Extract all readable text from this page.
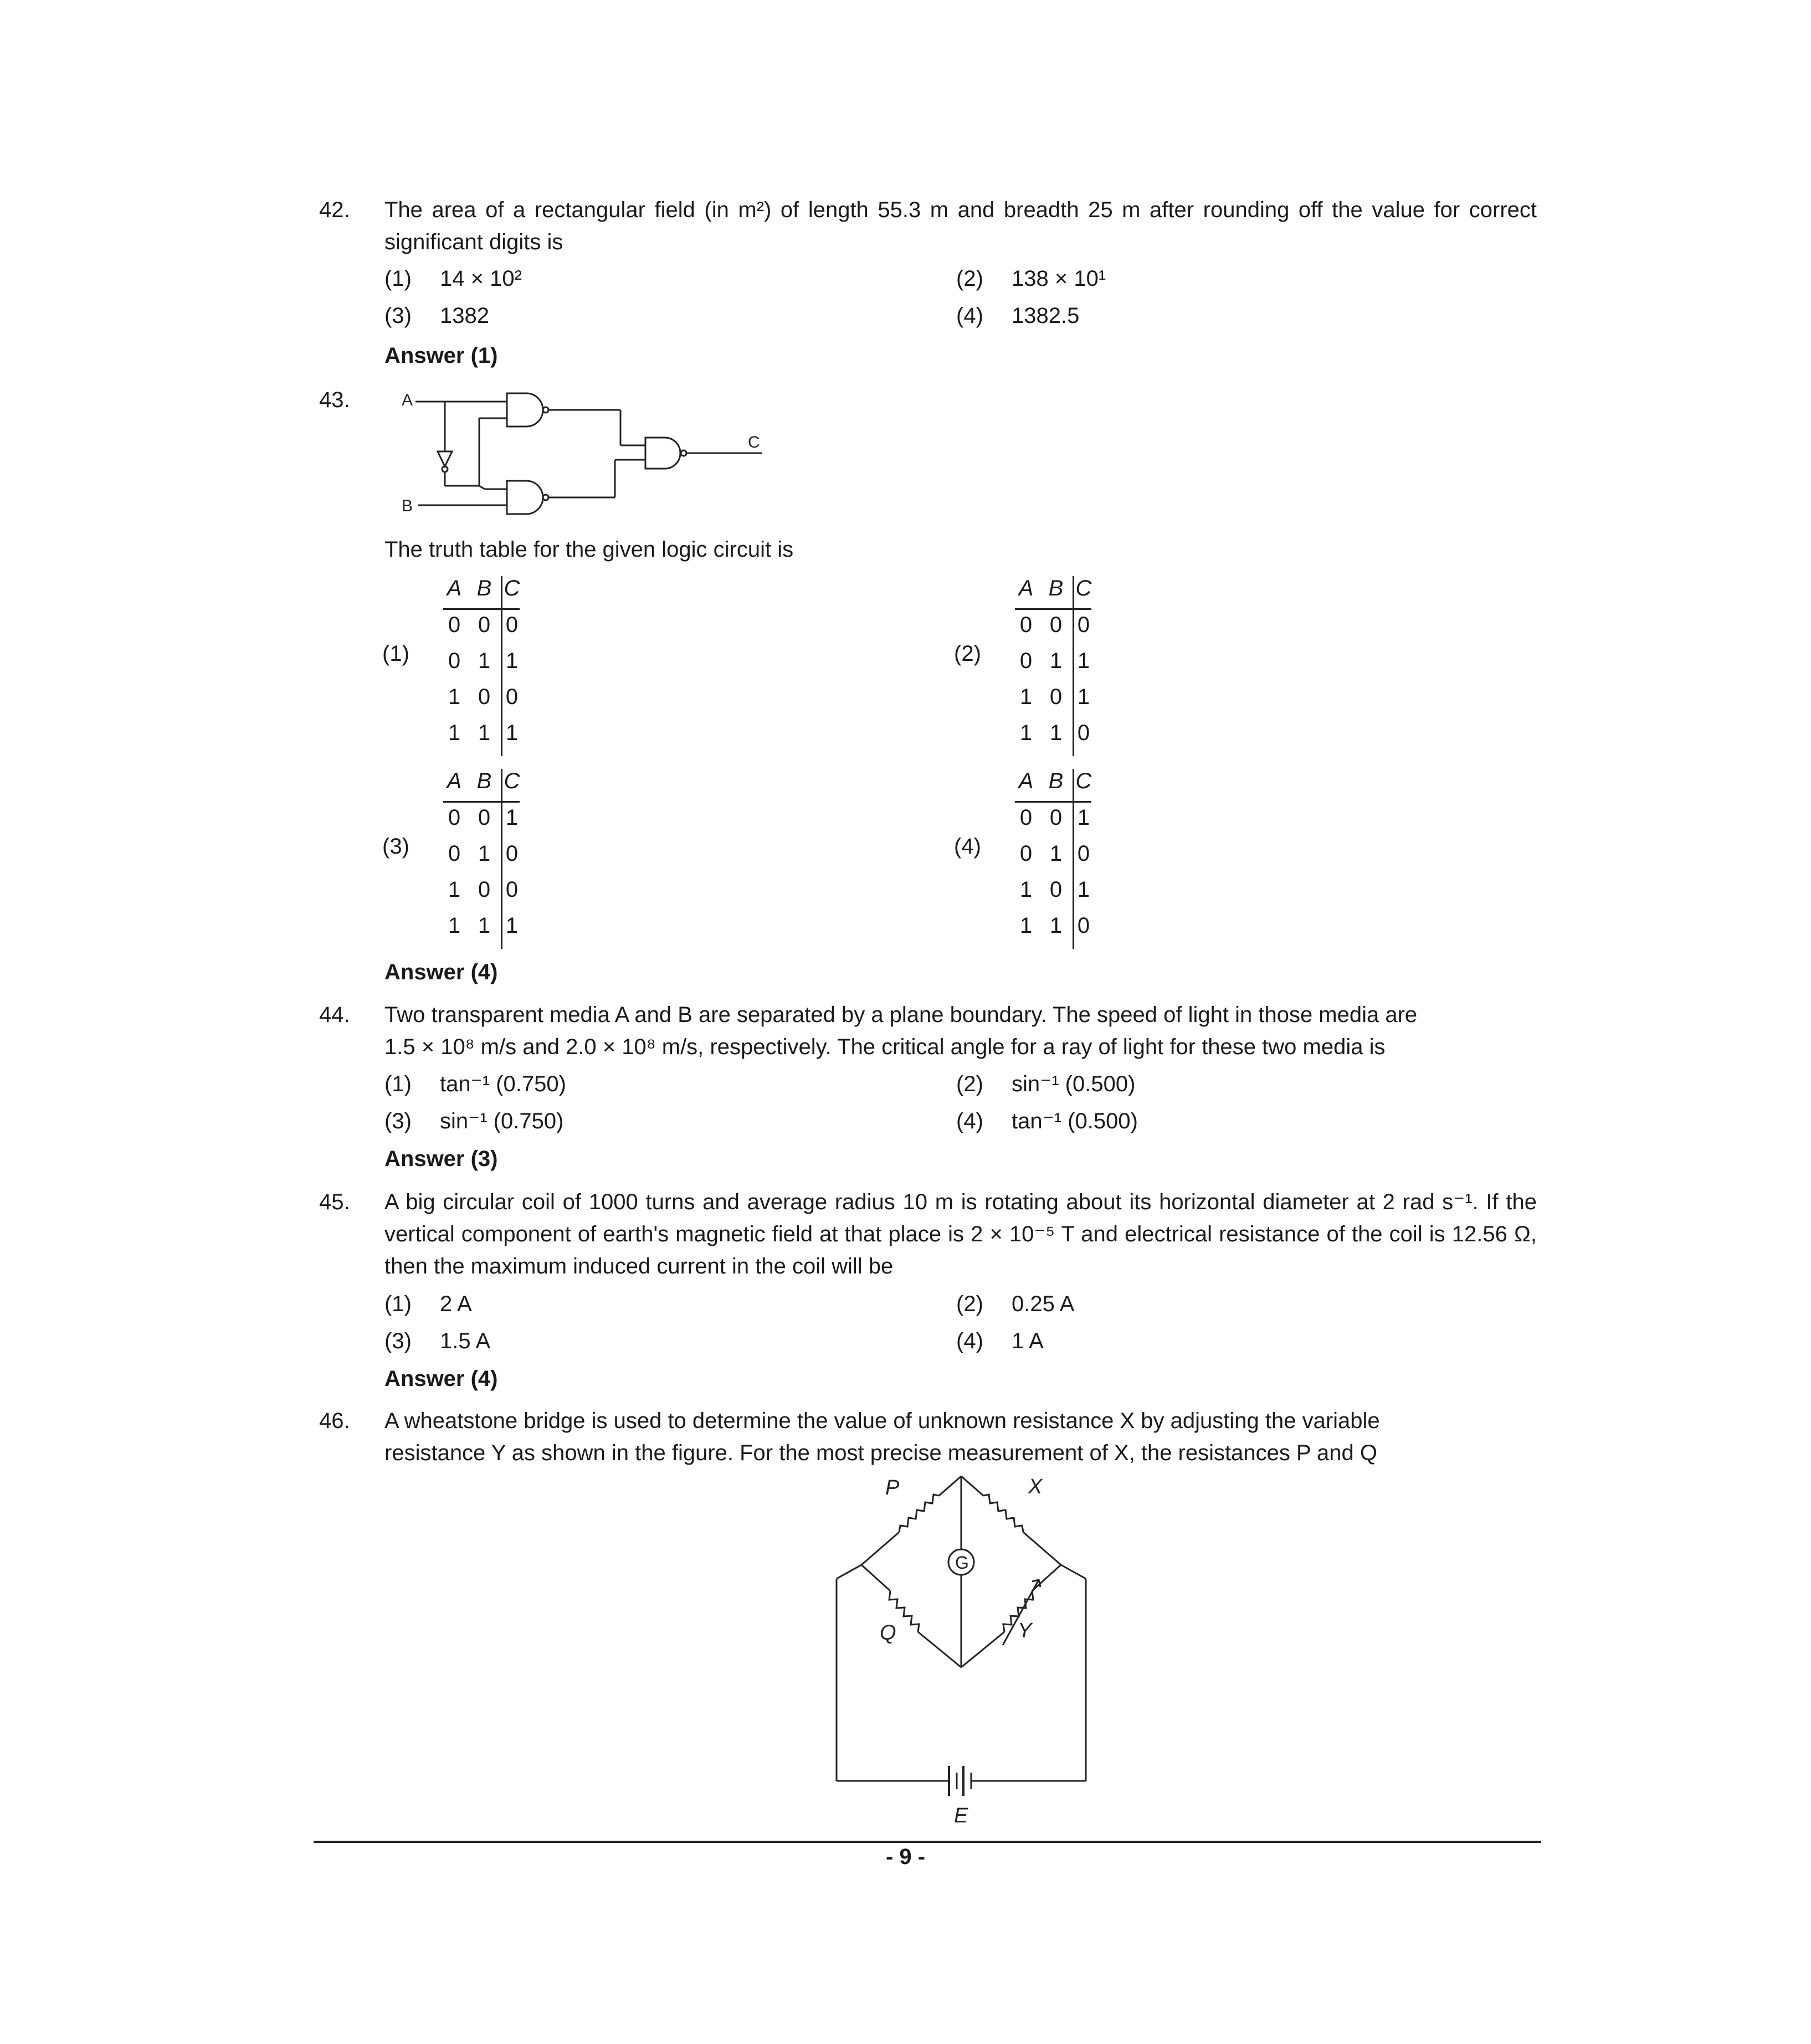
42. The area of a rectangular field (in m²) of length 55.3 m and breadth 25 m after rounding off the value for correct significant digits is
(1) 14 × 10²	(2) 138 × 10¹
(3) 1382	(4) 1382.5
Answer (1)
43.	A
B
C
The truth table for the given logic circuit is
(1)
A B C
0 0 0
0 1 1
1 0 0
1 1 1
(2)
A B C
0 0 0
0 1 1
1 0 1
1 1 0
(3)
A B C
0 0 1
0 1 0
1 0 0
1 1 1
(4)
A B C
0 0 1
0 1 0
1 0 1
1 1 0
Answer (4)
44. Two transparent media A and B are separated by a plane boundary. The speed of light in those media are
1.5 × 10⁸ m/s and 2.0 × 10⁸ m/s, respectively. The critical angle for a ray of light for these two media is
(1) tan⁻¹ (0.750)	(2) sin⁻¹ (0.500)
(3) sin⁻¹ (0.750)	(4) tan⁻¹ (0.500)
Answer (3)
45. A big circular coil of 1000 turns and average radius 10 m is rotating about its horizontal diameter at 2 rad s⁻¹. If the vertical component of earth's magnetic field at that place is 2 × 10⁻⁵ T and electrical resistance of the coil is 12.56 Ω, then the maximum induced current in the coil will be
(1) 2 A	(2) 0.25 A
(3) 1.5 A	(4) 1 A
Answer (4)
46. A wheatstone bridge is used to determine the value of unknown resistance X by adjusting the variable
resistance Y as shown in the figure. For the most precise measurement of X, the resistances P and Q
P	X
Q	Y
G
E
- 9 -
